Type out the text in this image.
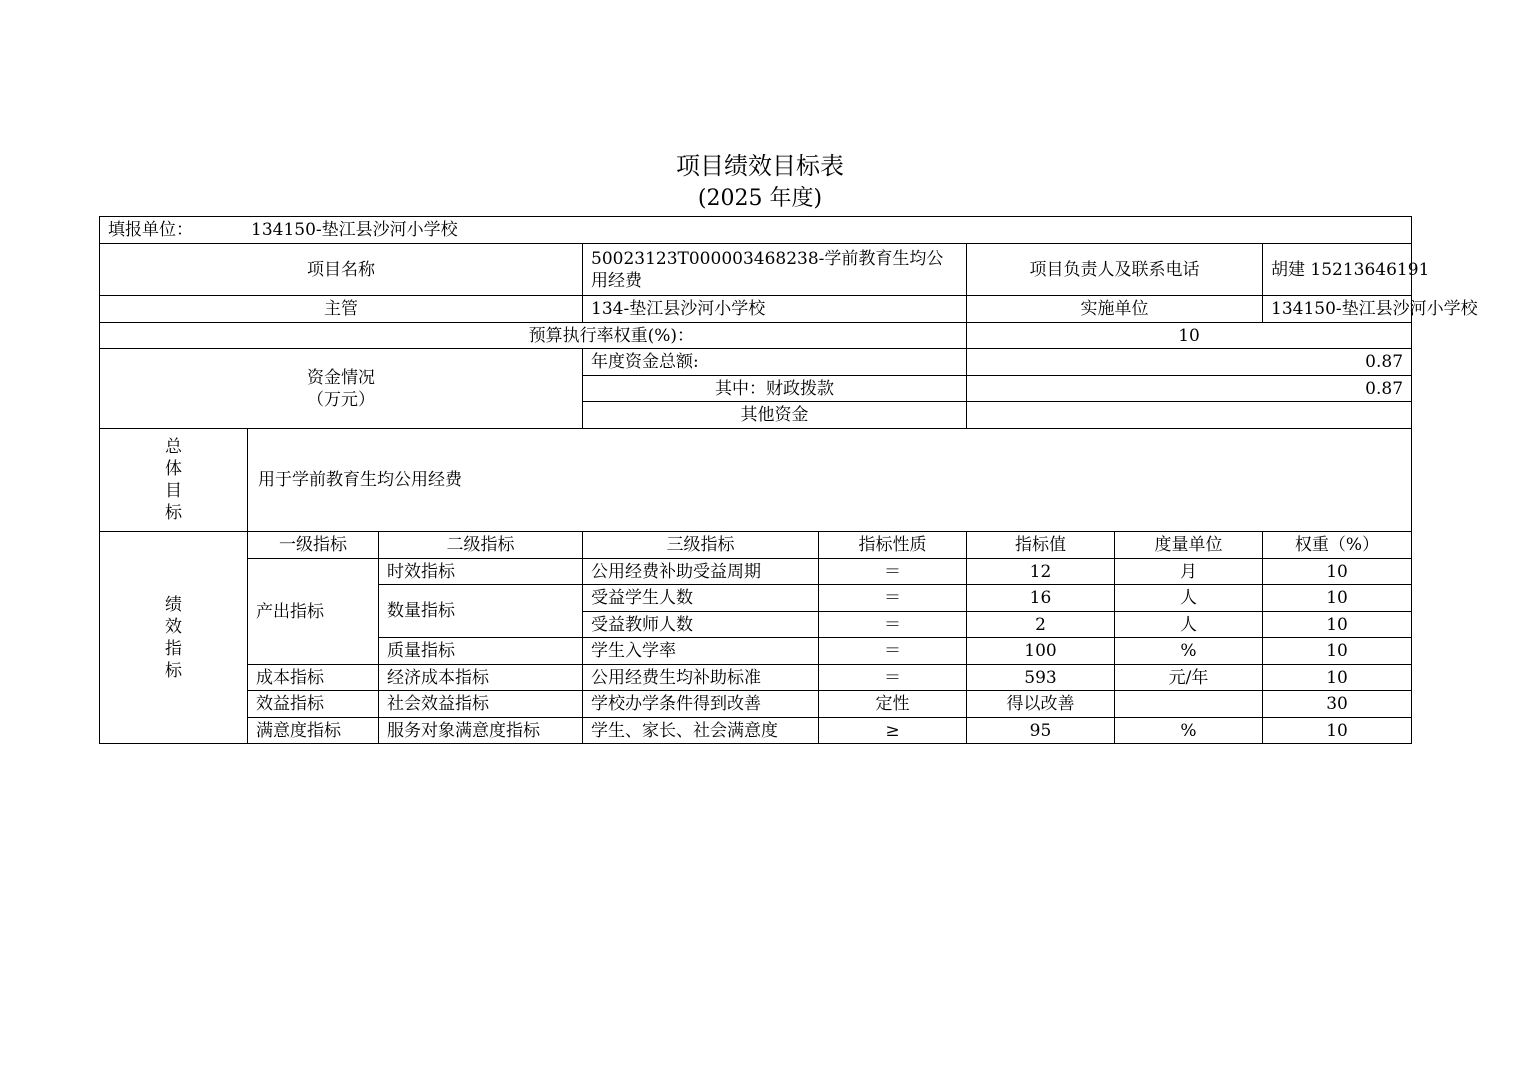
项目绩效目标表
(2025 年度)
填报单位： 134150-垫江县沙河小学校							
项目名称			50023123T000003468238-学前教育生均公用经费		项目负责人及联系电话		胡建 15213646191
主管			134-垫江县沙河小学校		实施单位		134150-垫江县沙河小学校
预算执行率权重(%)：					10		
资金情况
（万元）			年度资金总额:		0.87		
			其中：财政拨款		0.87		
			其他资金				

总
体
目
标	用于学前教育生均公用经费						

绩
效
指
标	一级指标	二级指标	三级指标	指标性质	指标值	度量单位	权重（%）
	产出指标	时效指标	公用经费补助受益周期	＝	12	月	10
		数量指标	受益学生人数	＝	16	人	10
			受益教师人数	＝	2	人	10
		质量指标	学生入学率	＝	100	%	10
	成本指标	经济成本指标	公用经费生均补助标准	＝	593	元/年	10
	效益指标	社会效益指标	学校办学条件得到改善	定性	得以改善		30
	满意度指标	服务对象满意度指标	学生、家长、社会满意度	≥	95	%	10
